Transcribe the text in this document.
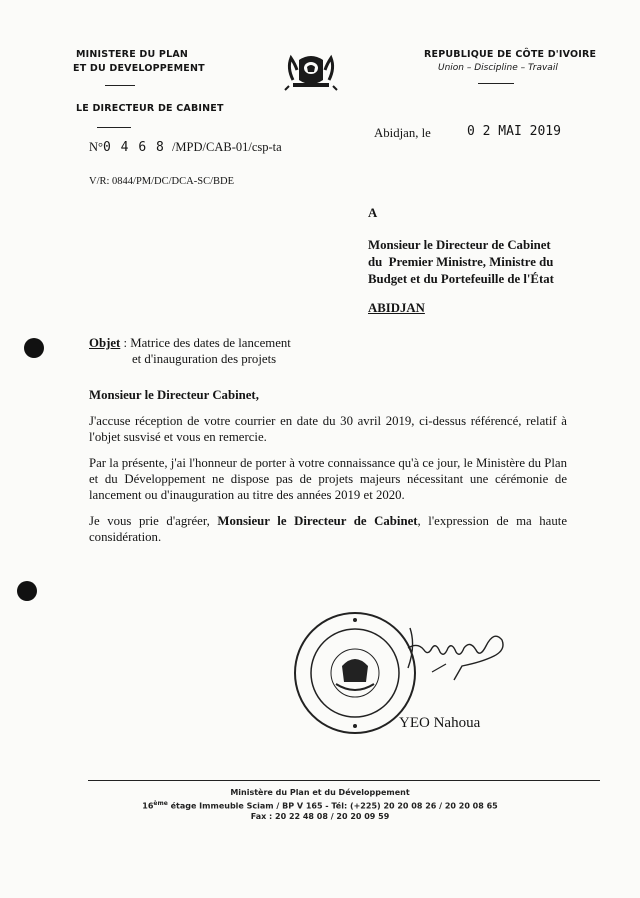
MINISTERE DU PLAN
ET DU DEVELOPPEMENT
LE DIRECTEUR DE CABINET
REPUBLIQUE DE CÔTE D'IVOIRE
Union – Discipline – Travail
N°0 4 6 8 /MPD/CAB-01/csp-ta
V/R: 0844/PM/DC/DCA-SC/BDE
Abidjan, le	0 2 MAI 2019
A
Monsieur le Directeur de Cabinet
du  Premier Ministre, Ministre du
Budget et du Portefeuille de l'État
ABIDJAN
Objet : Matrice des dates de lancement
et d'inauguration des projets
Monsieur le Directeur Cabinet,
J'accuse réception de votre courrier en date du 30 avril 2019, ci-dessus référencé, relatif à l'objet susvisé et vous en remercie.
Par la présente, j'ai l'honneur de porter à votre connaissance qu'à ce jour, le Ministère du Plan et du Développement ne dispose pas de projets majeurs nécessitant une cérémonie de lancement ou d'inauguration au titre des années 2019 et 2020.
Je vous prie d'agréer, Monsieur le Directeur de Cabinet, l'expression de ma haute considération.
YEO Nahoua
Ministère du Plan et du Développement
16ème étage Immeuble Sciam / BP V 165 - Tél: (+225) 20 20 08 26 / 20 20 08 65
Fax : 20 22 48 08 / 20 20 09 59
